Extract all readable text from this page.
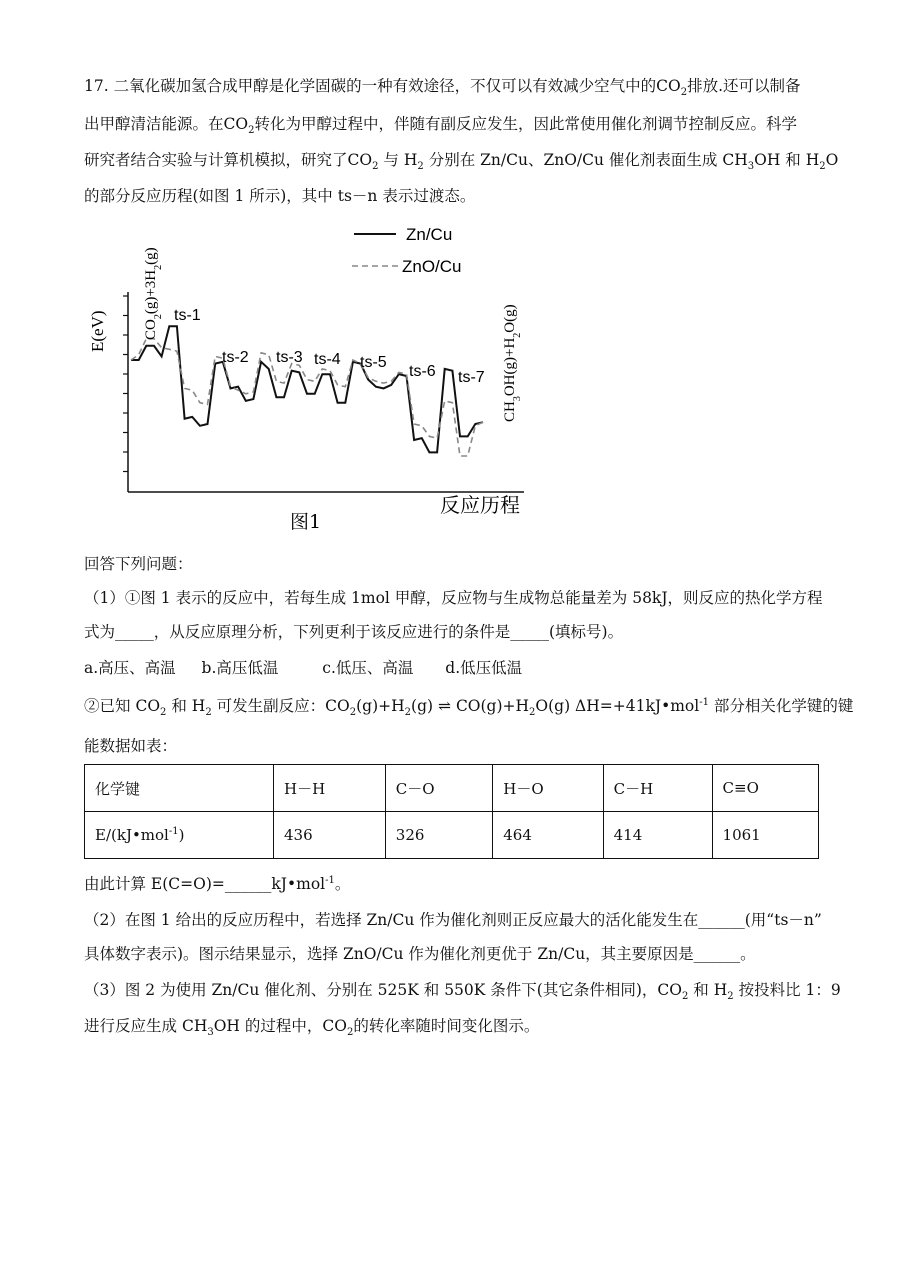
17. 二氧化碳加氢合成甲醇是化学固碳的一种有效途径，不仅可以有效减少空气中的$CO_2$排放.还可以制备
出甲醇清洁能源。在$CO_2$转化为甲醇过程中，伴随有副反应发生，因此常使用催化剂调节控制反应。科学
研究者结合实验与计算机模拟，研究了$CO_2$ 与 $H_2$ 分别在 Zn/Cu、ZnO/Cu 催化剂表面生成 $CH_3OH$ 和 $H_2O$
的部分反应历程(如图 1 所示)，其中 ts－n 表示过渡态。
Zn/Cu
ZnO/Cu
E(eV) $CO_2(g)+3H_2(g)$
$CH_3OH(g)+H_2O(g)$
ts-1
ts-2 ts-3 ts-4 ts-5
ts-6 ts-7
反应历程
图1
回答下列问题：
（1）①图 1 表示的反应中，若每生成 1mol 甲醇，反应物与生成物总能量差为 58kJ，则反应的热化学方程
式为_____，从反应原理分析，下列更利于该反应进行的条件是_____(填标号)。
a.高压、高温 b.高压低温	c.低压、高温 d.低压低温
②已知 $CO_2$ 和 $H_2$ 可发生副反应：$CO_2(g)+H_2(g)$ ⇌ $CO(g)+H_2O(g)$ ΔH=+41kJ•mol$^{-1}$ 部分相关化学键的键
能数据如表：
化学键	H－H	C－O	H－O	C－H	C≡O
E/(kJ•mol$^{-1}$)	436	326	464	414	1061
由此计算 E(C=O)=______kJ•mol$^{-1}$。
（2）在图 1 给出的反应历程中，若选择 Zn/Cu 作为催化剂则正反应最大的活化能发生在______(用“ts－n”
具体数字表示)。图示结果显示，选择 ZnO/Cu 作为催化剂更优于 Zn/Cu，其主要原因是______。
（3）图 2 为使用 Zn/Cu 催化剂、分别在 525K 和 550K 条件下(其它条件相同)，$CO_2$ 和 $H_2$ 按投料比 1：9
进行反应生成 $CH_3OH$ 的过程中，$CO_2$的转化率随时间变化图示。
